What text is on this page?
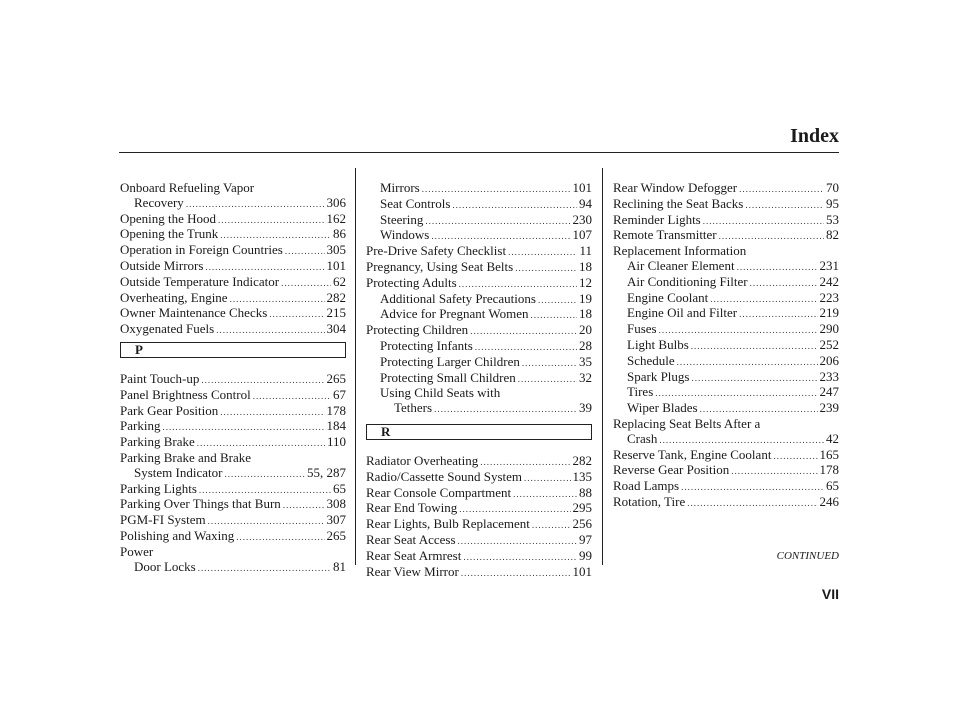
Index
Onboard Refueling Vapor
Recovery .....	306
Opening the Hood .....	162
Opening the Trunk .....	86
Operation in Foreign Countries .....	305
Outside Mirrors .....	101
Outside Temperature Indicator .....	62
Overheating, Engine .....	282
Owner Maintenance Checks .....	215
Oxygenated Fuels .....	304
P
Paint Touch-up .....	265
Panel Brightness Control .....	67
Park Gear Position .....	178
Parking .....	184
Parking Brake .....	110
Parking Brake and Brake
System Indicator .....	55, 287
Parking Lights .....	65
Parking Over Things that Burn .....	308
PGM-FI System .....	307
Polishing and Waxing .....	265
Power
Door Locks .....	81
Mirrors .....	101
Seat Controls .....	94
Steering .....	230
Windows .....	107
Pre-Drive Safety Checklist .....	11
Pregnancy, Using Seat Belts .....	18
Protecting Adults .....	12
Additional Safety Precautions .....	19
Advice for Pregnant Women .....	18
Protecting Children .....	20
Protecting Infants .....	28
Protecting Larger Children .....	35
Protecting Small Children .....	32
Using Child Seats with
Tethers .....	39
R
Radiator Overheating .....	282
Radio/Cassette Sound System .....	135
Rear Console Compartment .....	88
Rear End Towing .....	295
Rear Lights, Bulb Replacement .....	256
Rear Seat Access .....	97
Rear Seat Armrest .....	99
Rear View Mirror .....	101
Rear Window Defogger .....	70
Reclining the Seat Backs .....	95
Reminder Lights .....	53
Remote Transmitter .....	82
Replacement Information
Air Cleaner Element .....	231
Air Conditioning Filter .....	242
Engine Coolant .....	223
Engine Oil and Filter .....	219
Fuses .....	290
Light Bulbs .....	252
Schedule .....	206
Spark Plugs .....	233
Tires .....	247
Wiper Blades .....	239
Replacing Seat Belts After a
Crash .....	42
Reserve Tank, Engine Coolant .....	165
Reverse Gear Position .....	178
Road Lamps .....	65
Rotation, Tire .....	246
CONTINUED
VII
